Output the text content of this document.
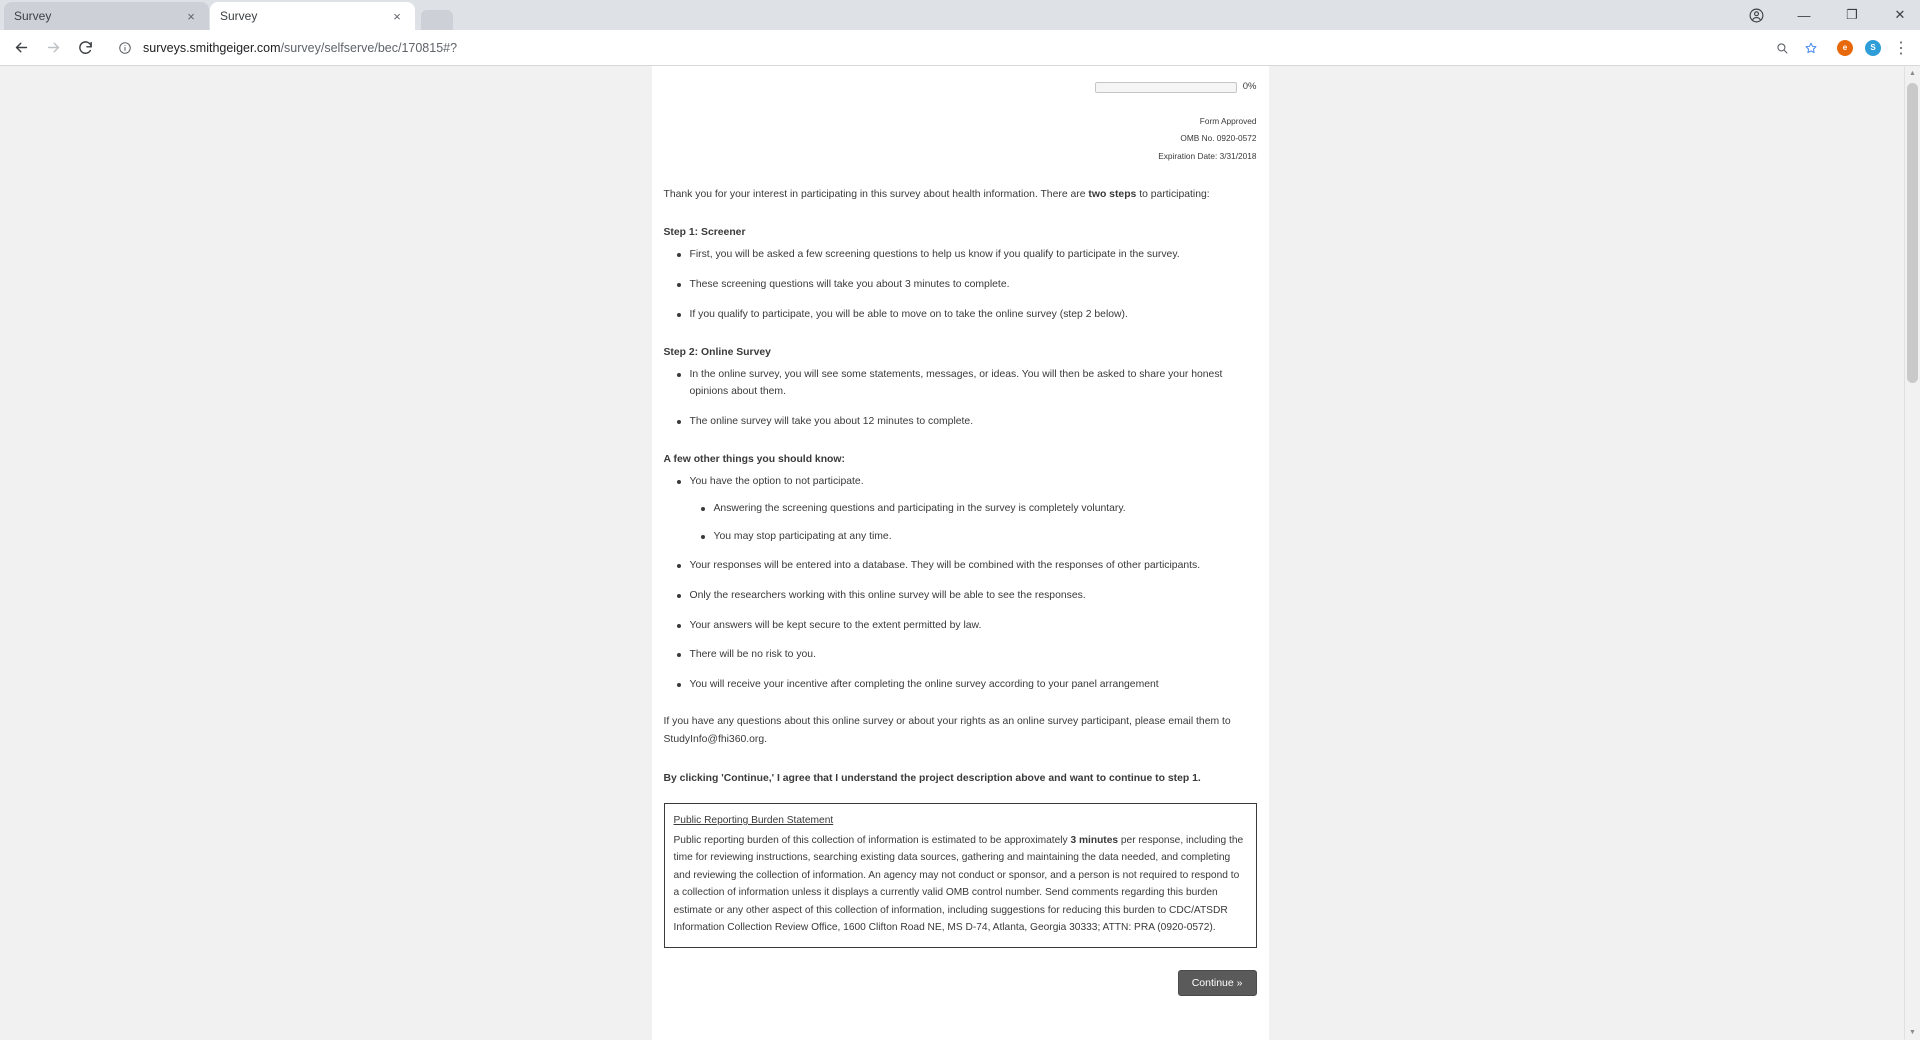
Survey	×	Survey	×	—	❐	✕
surveys.smithgeiger.com/survey/selfserve/bec/170815#?	e	S	⋮
0%
Form Approved
OMB No. 0920-0572
Expiration Date: 3/31/2018
Thank you for your interest in participating in this survey about health information. There are two steps to participating:
Step 1: Screener
First, you will be asked a few screening questions to help us know if you qualify to participate in the survey.
These screening questions will take you about 3 minutes to complete.
If you qualify to participate, you will be able to move on to take the online survey (step 2 below).
Step 2: Online Survey
In the online survey, you will see some statements, messages, or ideas. You will then be asked to share your honest opinions about them.
The online survey will take you about 12 minutes to complete.
A few other things you should know:
You have the option to not participate.
Answering the screening questions and participating in the survey is completely voluntary.
You may stop participating at any time.
Your responses will be entered into a database. They will be combined with the responses of other participants.
Only the researchers working with this online survey will be able to see the responses.
Your answers will be kept secure to the extent permitted by law.
There will be no risk to you.
You will receive your incentive after completing the online survey according to your panel arrangement
If you have any questions about this online survey or about your rights as an online survey participant, please email them to StudyInfo@fhi360.org.
By clicking 'Continue,' I agree that I understand the project description above and want to continue to step 1.
Public Reporting Burden Statement
Public reporting burden of this collection of information is estimated to be approximately 3 minutes per response, including the time for reviewing instructions, searching existing data sources, gathering and maintaining the data needed, and completing and reviewing the collection of information. An agency may not conduct or sponsor, and a person is not required to respond to a collection of information unless it displays a currently valid OMB control number. Send comments regarding this burden estimate or any other aspect of this collection of information, including suggestions for reducing this burden to CDC/ATSDR Information Collection Review Office, 1600 Clifton Road NE, MS D-74, Atlanta, Georgia 30333; ATTN: PRA (0920-0572).
Continue »
▲
▼
